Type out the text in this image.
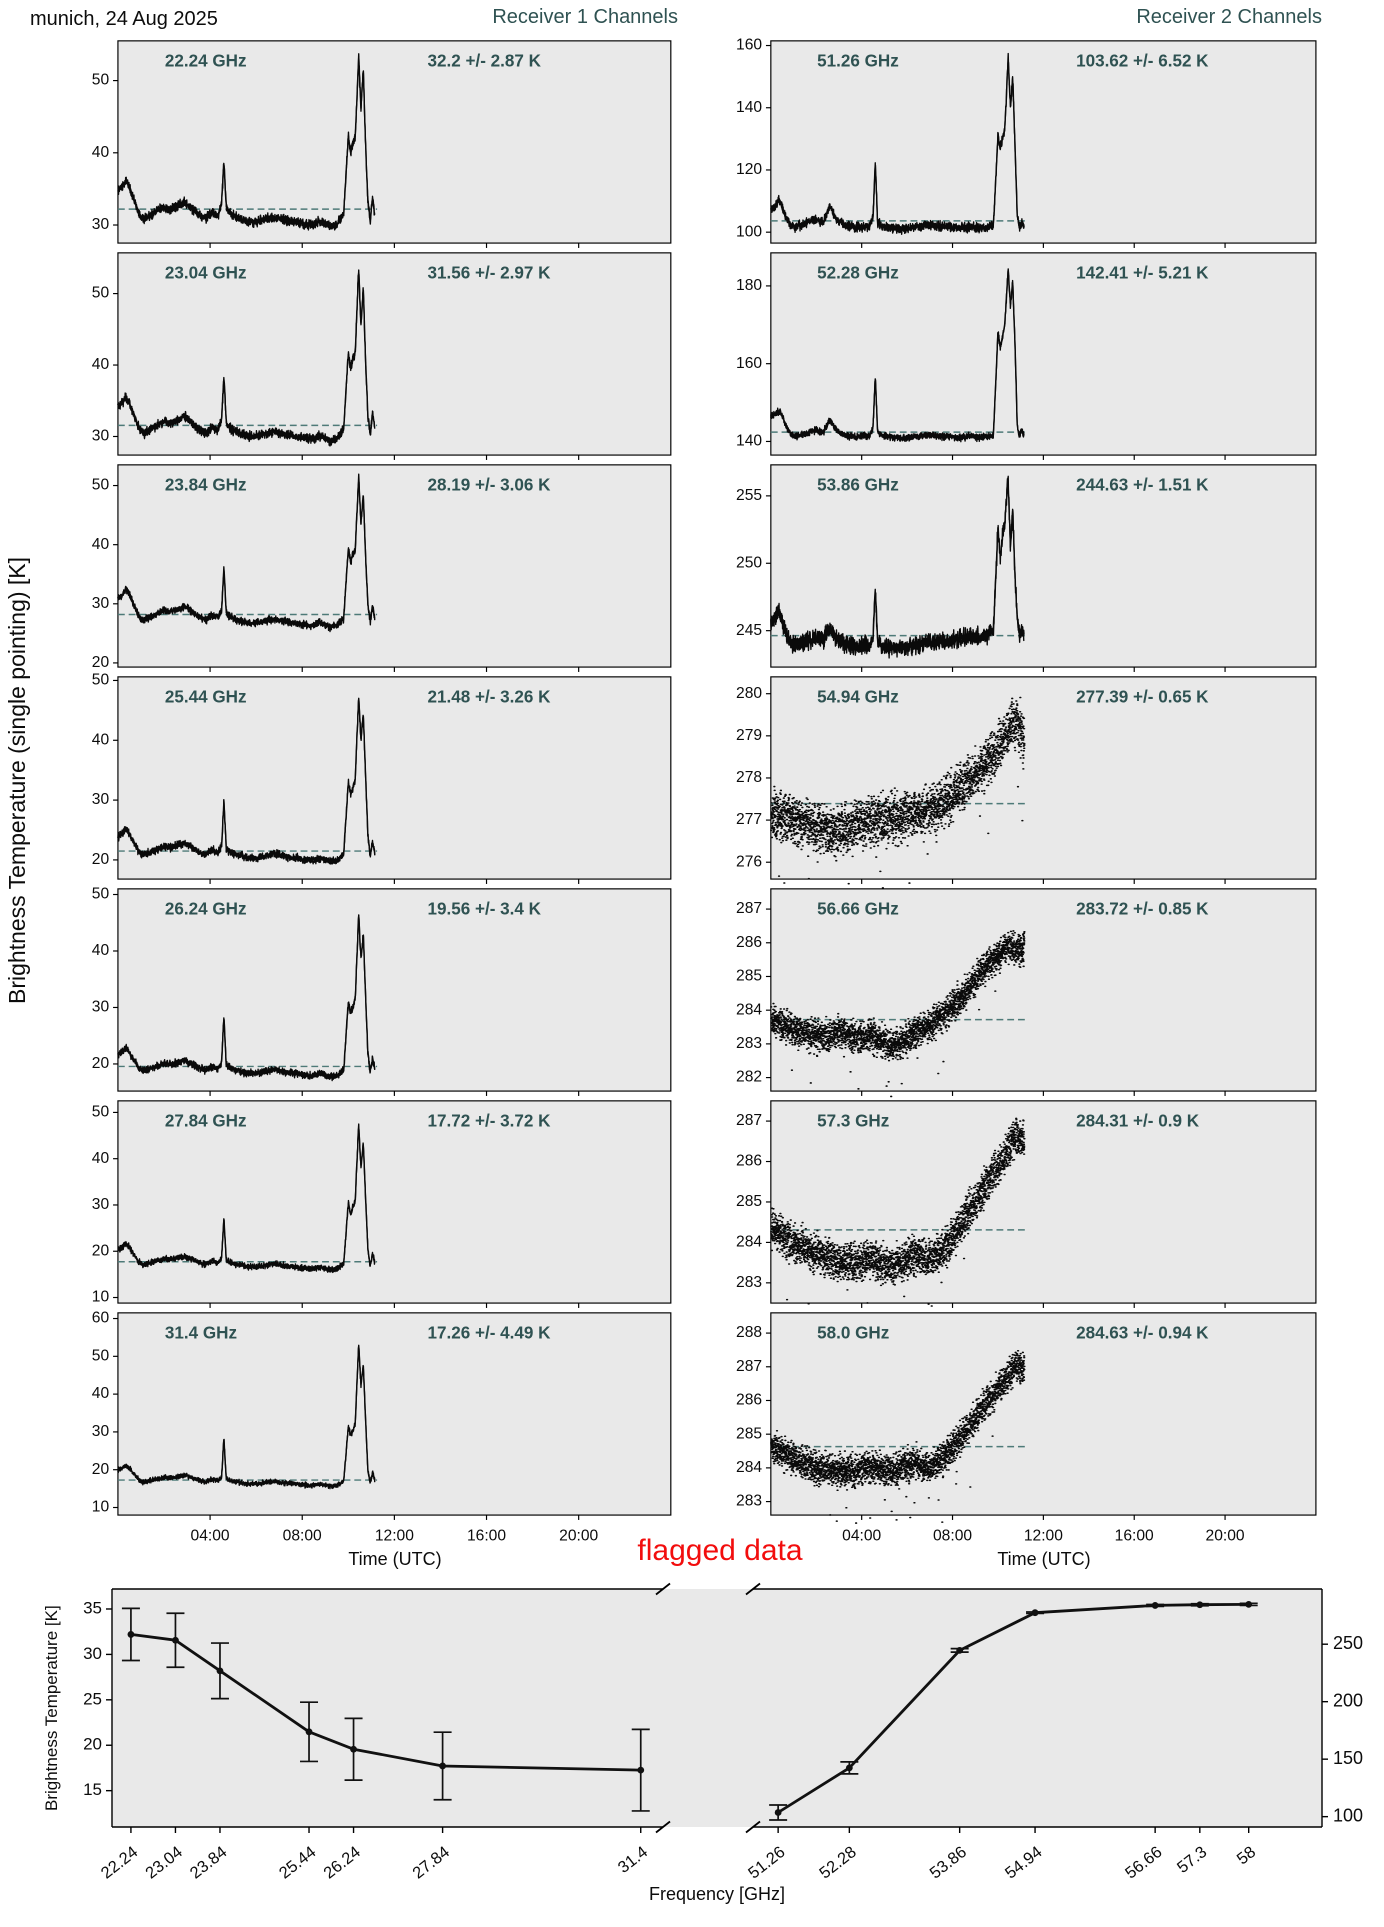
munich, 24 Aug 2025	Receiver 1 Channels	Receiver 2 Channels
Brightness Temperature (single pointing) [K]
30
40
50
22.24 GHz	32.2 +/- 2.87 K
30
40
50
23.04 GHz	31.56 +/- 2.97 K
20
30
40
50	23.84 GHz	28.19 +/- 3.06 K
20
30
40
50
25.44 GHz	21.48 +/- 3.26 K
20
30
40
50
26.24 GHz	19.56 +/- 3.4 K
10
20
30
40
50	27.84 GHz	17.72 +/- 3.72 K
10
20
30
40
50
60
04:00	08:00	12:00	16:00	20:00
31.4 GHz	17.26 +/- 4.49 K
100
120
140
160
51.26 GHz	103.62 +/- 6.52 K
140
160
180
52.28 GHz	142.41 +/- 5.21 K
245
250
255
53.86 GHz	244.63 +/- 1.51 K
276
277
278
279
280	54.94 GHz	277.39 +/- 0.65 K
282
283
284
285
286
287	56.66 GHz	283.72 +/- 0.85 K
283
284
285
286
287	57.3 GHz	284.31 +/- 0.9 K
283
284
285
286
287
288
04:00	08:00	12:00	16:00	20:00
58.0 GHz	284.63 +/- 0.94 K
Time (UTC)	Time (UTC)
flagged data
Brightness Temperature [K] 15
20
25
30
35
22.24 23.04 23.84	25.44 26.24	27.84	31.4
100
150
200
250
51.26 52.28	53.86 54.94	56.66 57.3 58
Frequency [GHz]
